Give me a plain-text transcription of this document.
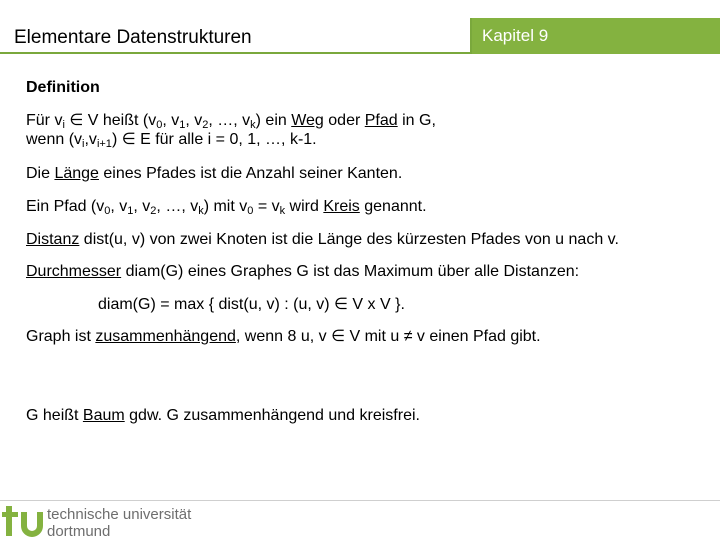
Elementare Datenstrukturen	Kapitel 9
Definition
Für $v_i$ ∈ V heißt ($v_0$, $v_1$, $v_2$, …, $v_k$) ein Weg oder Pfad in G,
wenn $(v_i,v_{i+1})$ ∈ E für alle i = 0, 1, …, k-1.
Die Länge eines Pfades ist die Anzahl seiner Kanten.
Ein Pfad ($v_0$, $v_1$, $v_2$, …, $v_k$) mit $v_0 = v_k$ wird Kreis genannt.
Distanz dist(u, v) von zwei Knoten ist die Länge des kürzesten Pfades von u nach v.
Durchmesser diam(G) eines Graphes G ist das Maximum über alle Distanzen:
diam(G) = max { dist(u, v) : (u, v) ∈ V x V }.
Graph ist zusammenhängend, wenn 8 u, v ∈ V mit u ≠ v einen Pfad gibt.
G heißt Baum gdw. G zusammenhängend und kreisfrei.
technische universität
dortmund
